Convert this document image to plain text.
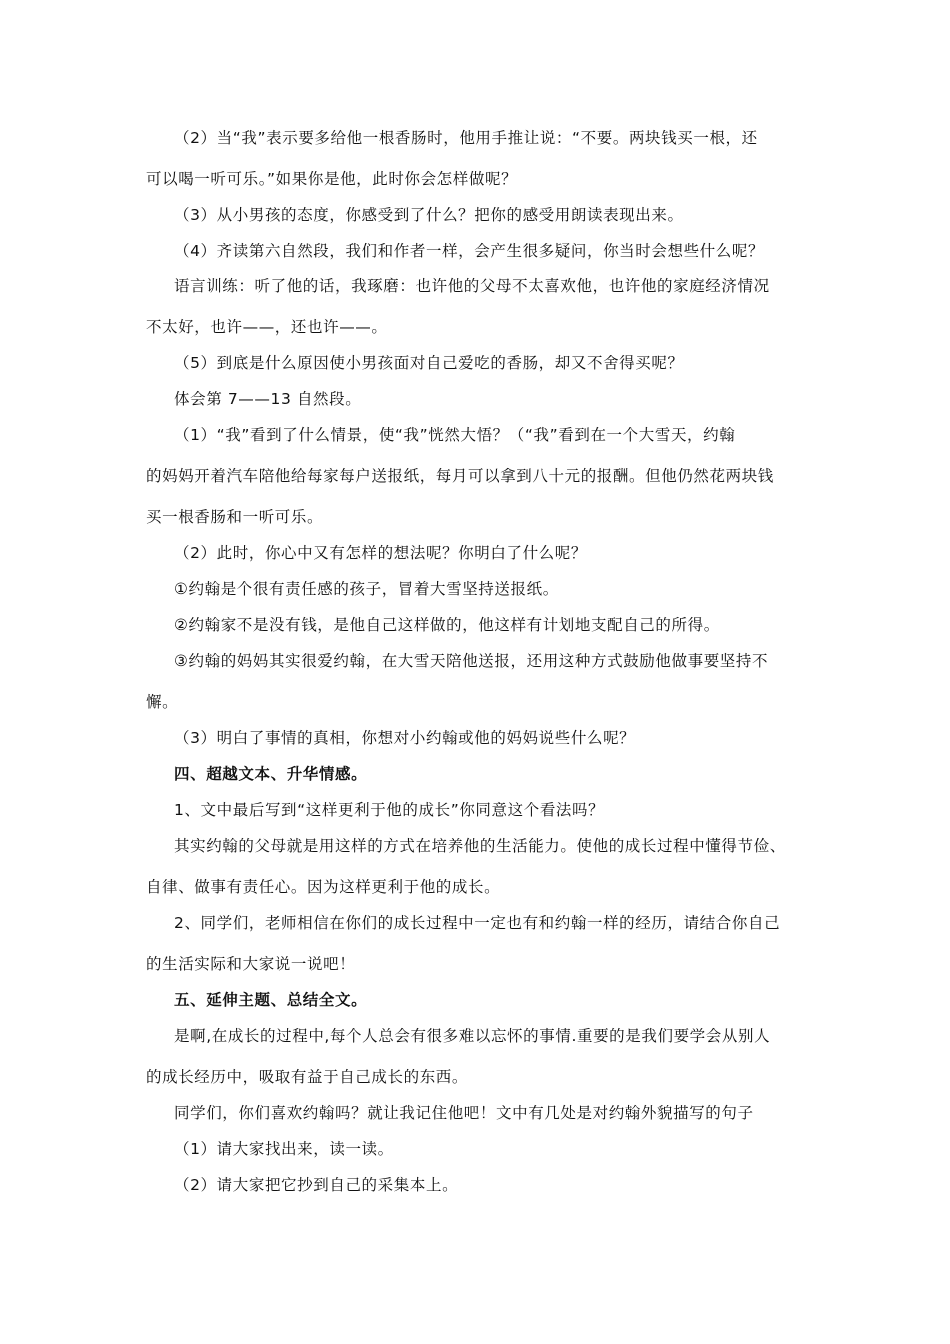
（2）当“我”表示要多给他一根香肠时，他用手推让说：“不要。两块钱买一根，还
可以喝一听可乐。”如果你是他，此时你会怎样做呢？
（3）从小男孩的态度，你感受到了什么？把你的感受用朗读表现出来。
（4）齐读第六自然段，我们和作者一样，会产生很多疑问，你当时会想些什么呢？
语言训练：听了他的话，我琢磨：也许他的父母不太喜欢他，也许他的家庭经济情况
不太好，也许——，还也许——。
（5）到底是什么原因使小男孩面对自己爱吃的香肠，却又不舍得买呢？
体会第 7——13 自然段。
（1）“我”看到了什么情景，使“我”恍然大悟？（“我”看到在一个大雪天，约翰
的妈妈开着汽车陪他给每家每户送报纸，每月可以拿到八十元的报酬。但他仍然花两块钱
买一根香肠和一听可乐。
（2）此时，你心中又有怎样的想法呢？你明白了什么呢？
①约翰是个很有责任感的孩子，冒着大雪坚持送报纸。
②约翰家不是没有钱，是他自己这样做的，他这样有计划地支配自己的所得。
③约翰的妈妈其实很爱约翰，在大雪天陪他送报，还用这种方式鼓励他做事要坚持不
懈。
（3）明白了事情的真相，你想对小约翰或他的妈妈说些什么呢？
四、超越文本、升华情感。
1、文中最后写到“这样更利于他的成长”你同意这个看法吗？
其实约翰的父母就是用这样的方式在培养他的生活能力。使他的成长过程中懂得节俭、
自律、做事有责任心。因为这样更利于他的成长。
2、同学们，老师相信在你们的成长过程中一定也有和约翰一样的经历，请结合你自己
的生活实际和大家说一说吧！
五、延伸主题、总结全文。
是啊,在成长的过程中,每个人总会有很多难以忘怀的事情.重要的是我们要学会从别人
的成长经历中，吸取有益于自己成长的东西。
同学们，你们喜欢约翰吗？就让我记住他吧！文中有几处是对约翰外貌描写的句子
（1）请大家找出来，读一读。
（2）请大家把它抄到自己的采集本上。
